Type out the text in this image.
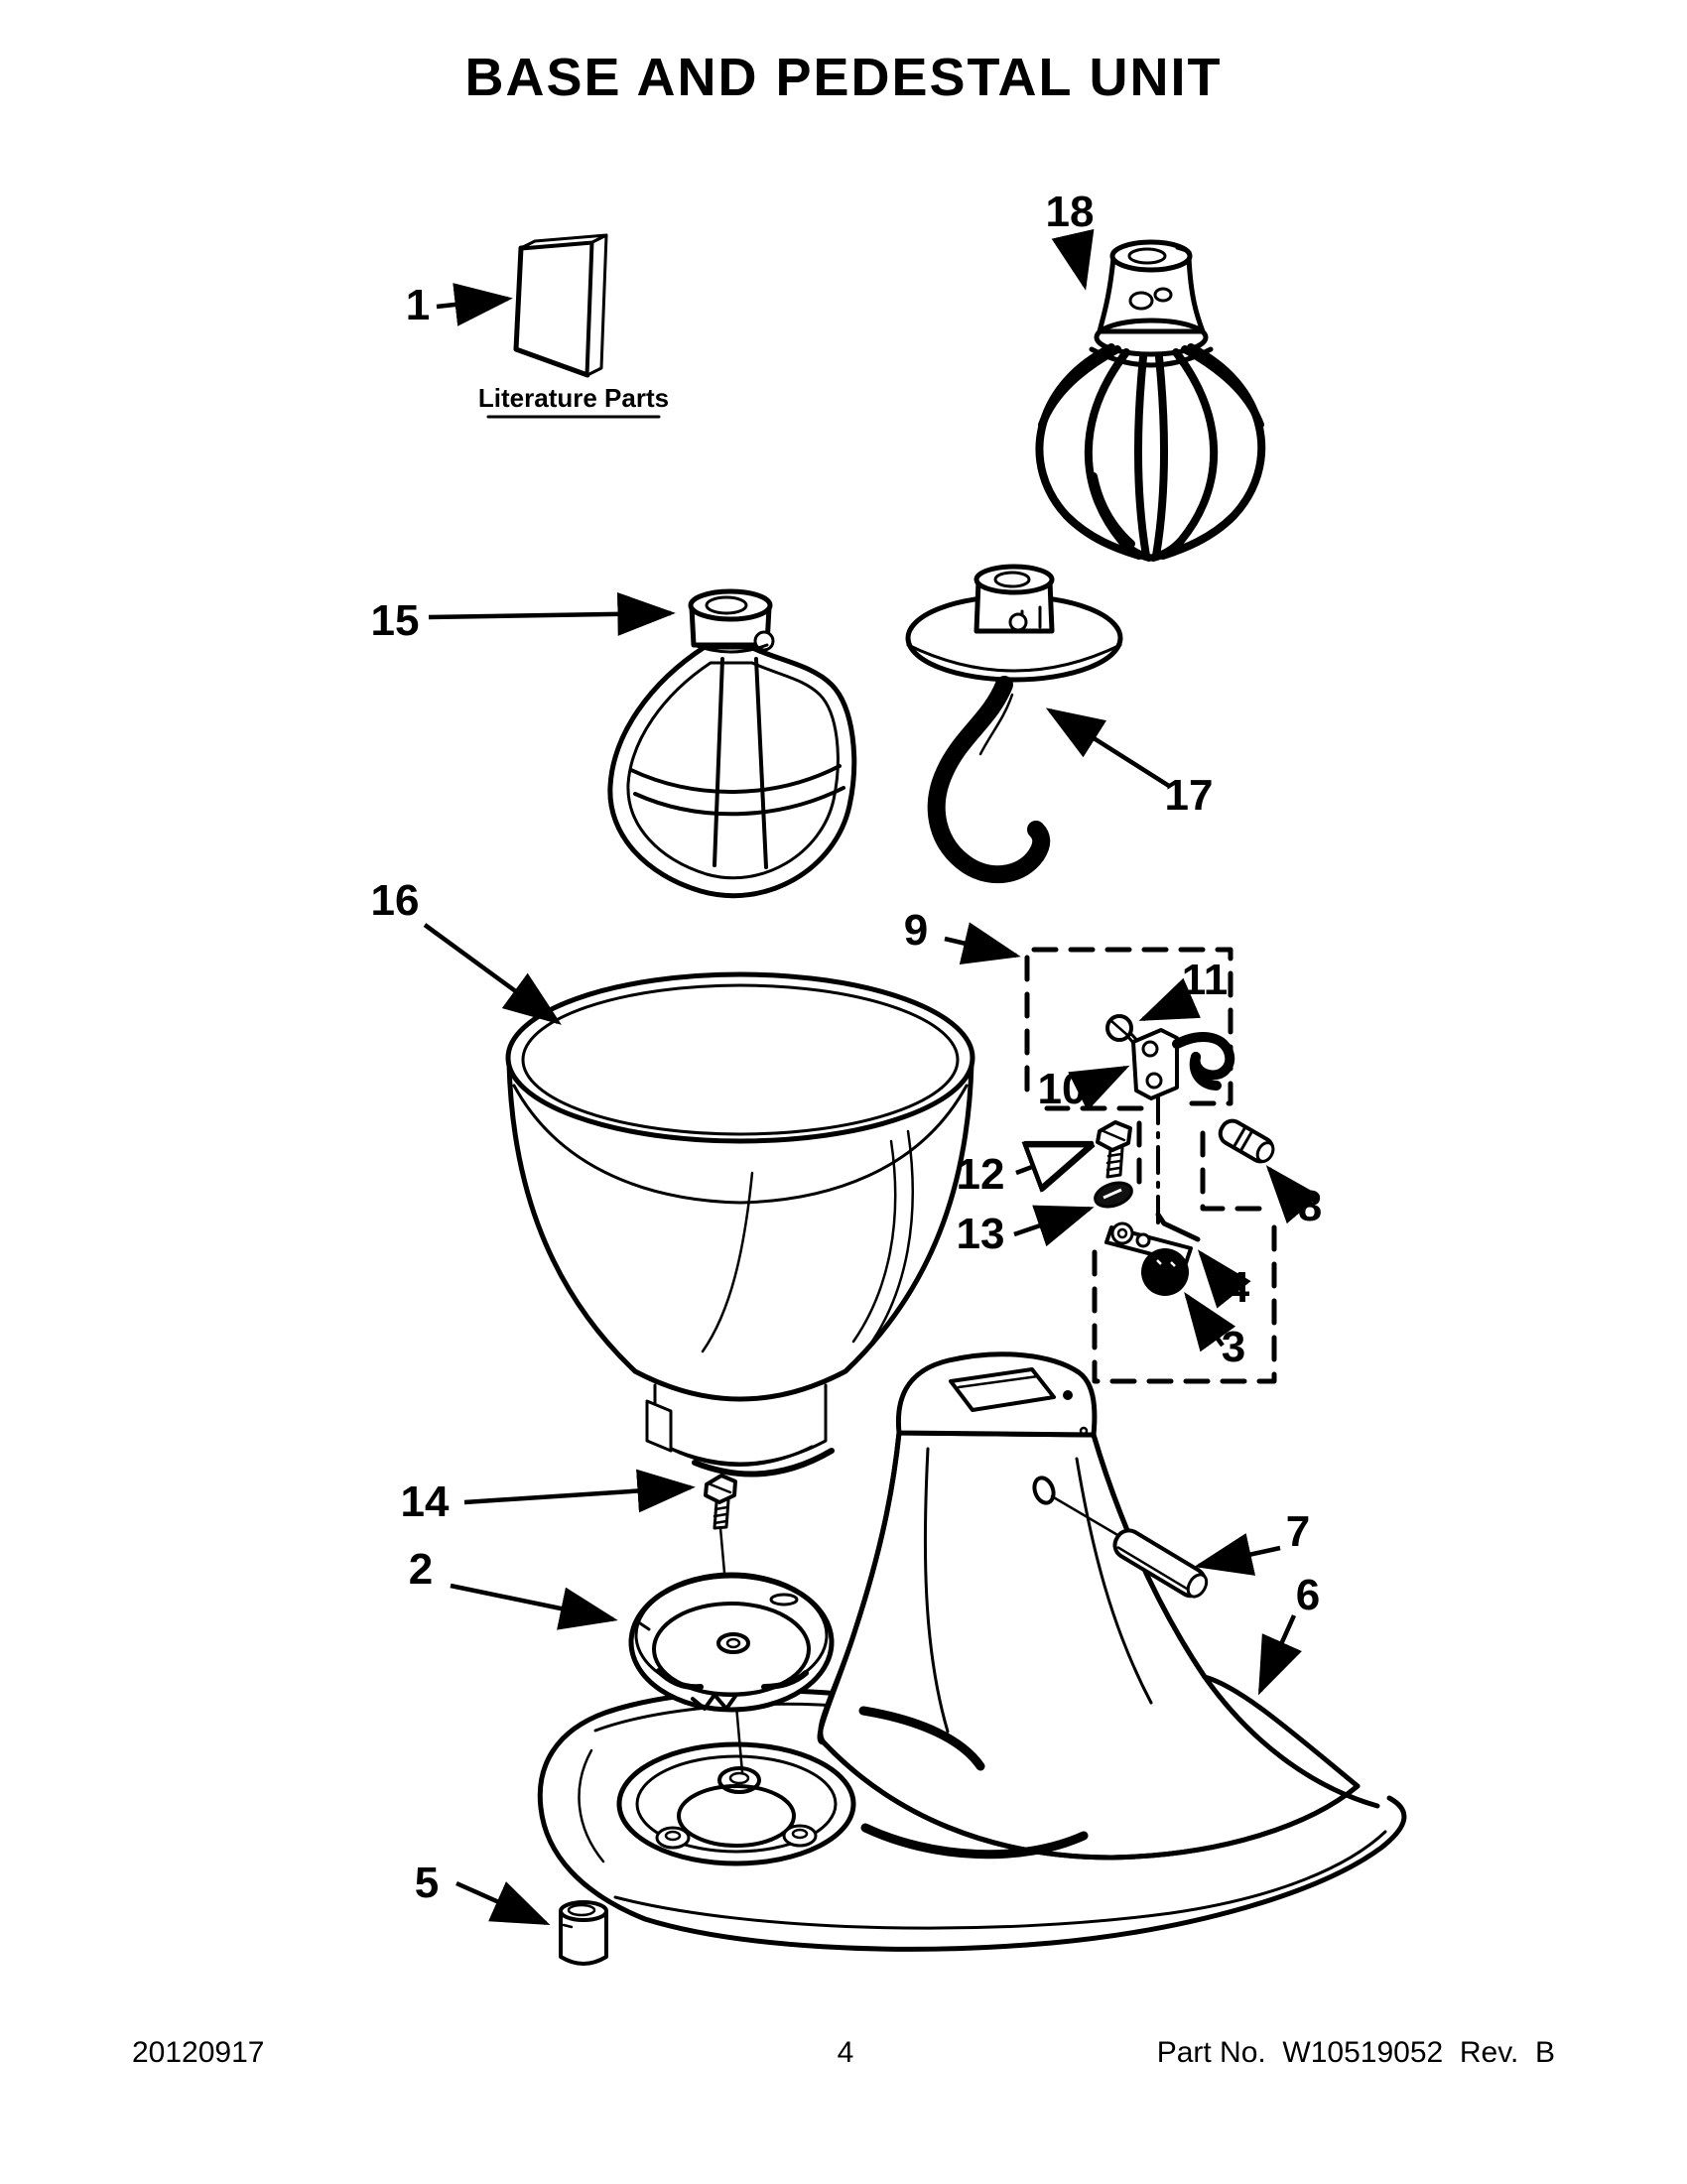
BASE AND PEDESTAL UNIT
Literature Parts
1
18
15
17
16
9
11
10
12
13
4
3
8
6
7
14
2
5
20120917	4	Part No.  W10519052  Rev.  B
